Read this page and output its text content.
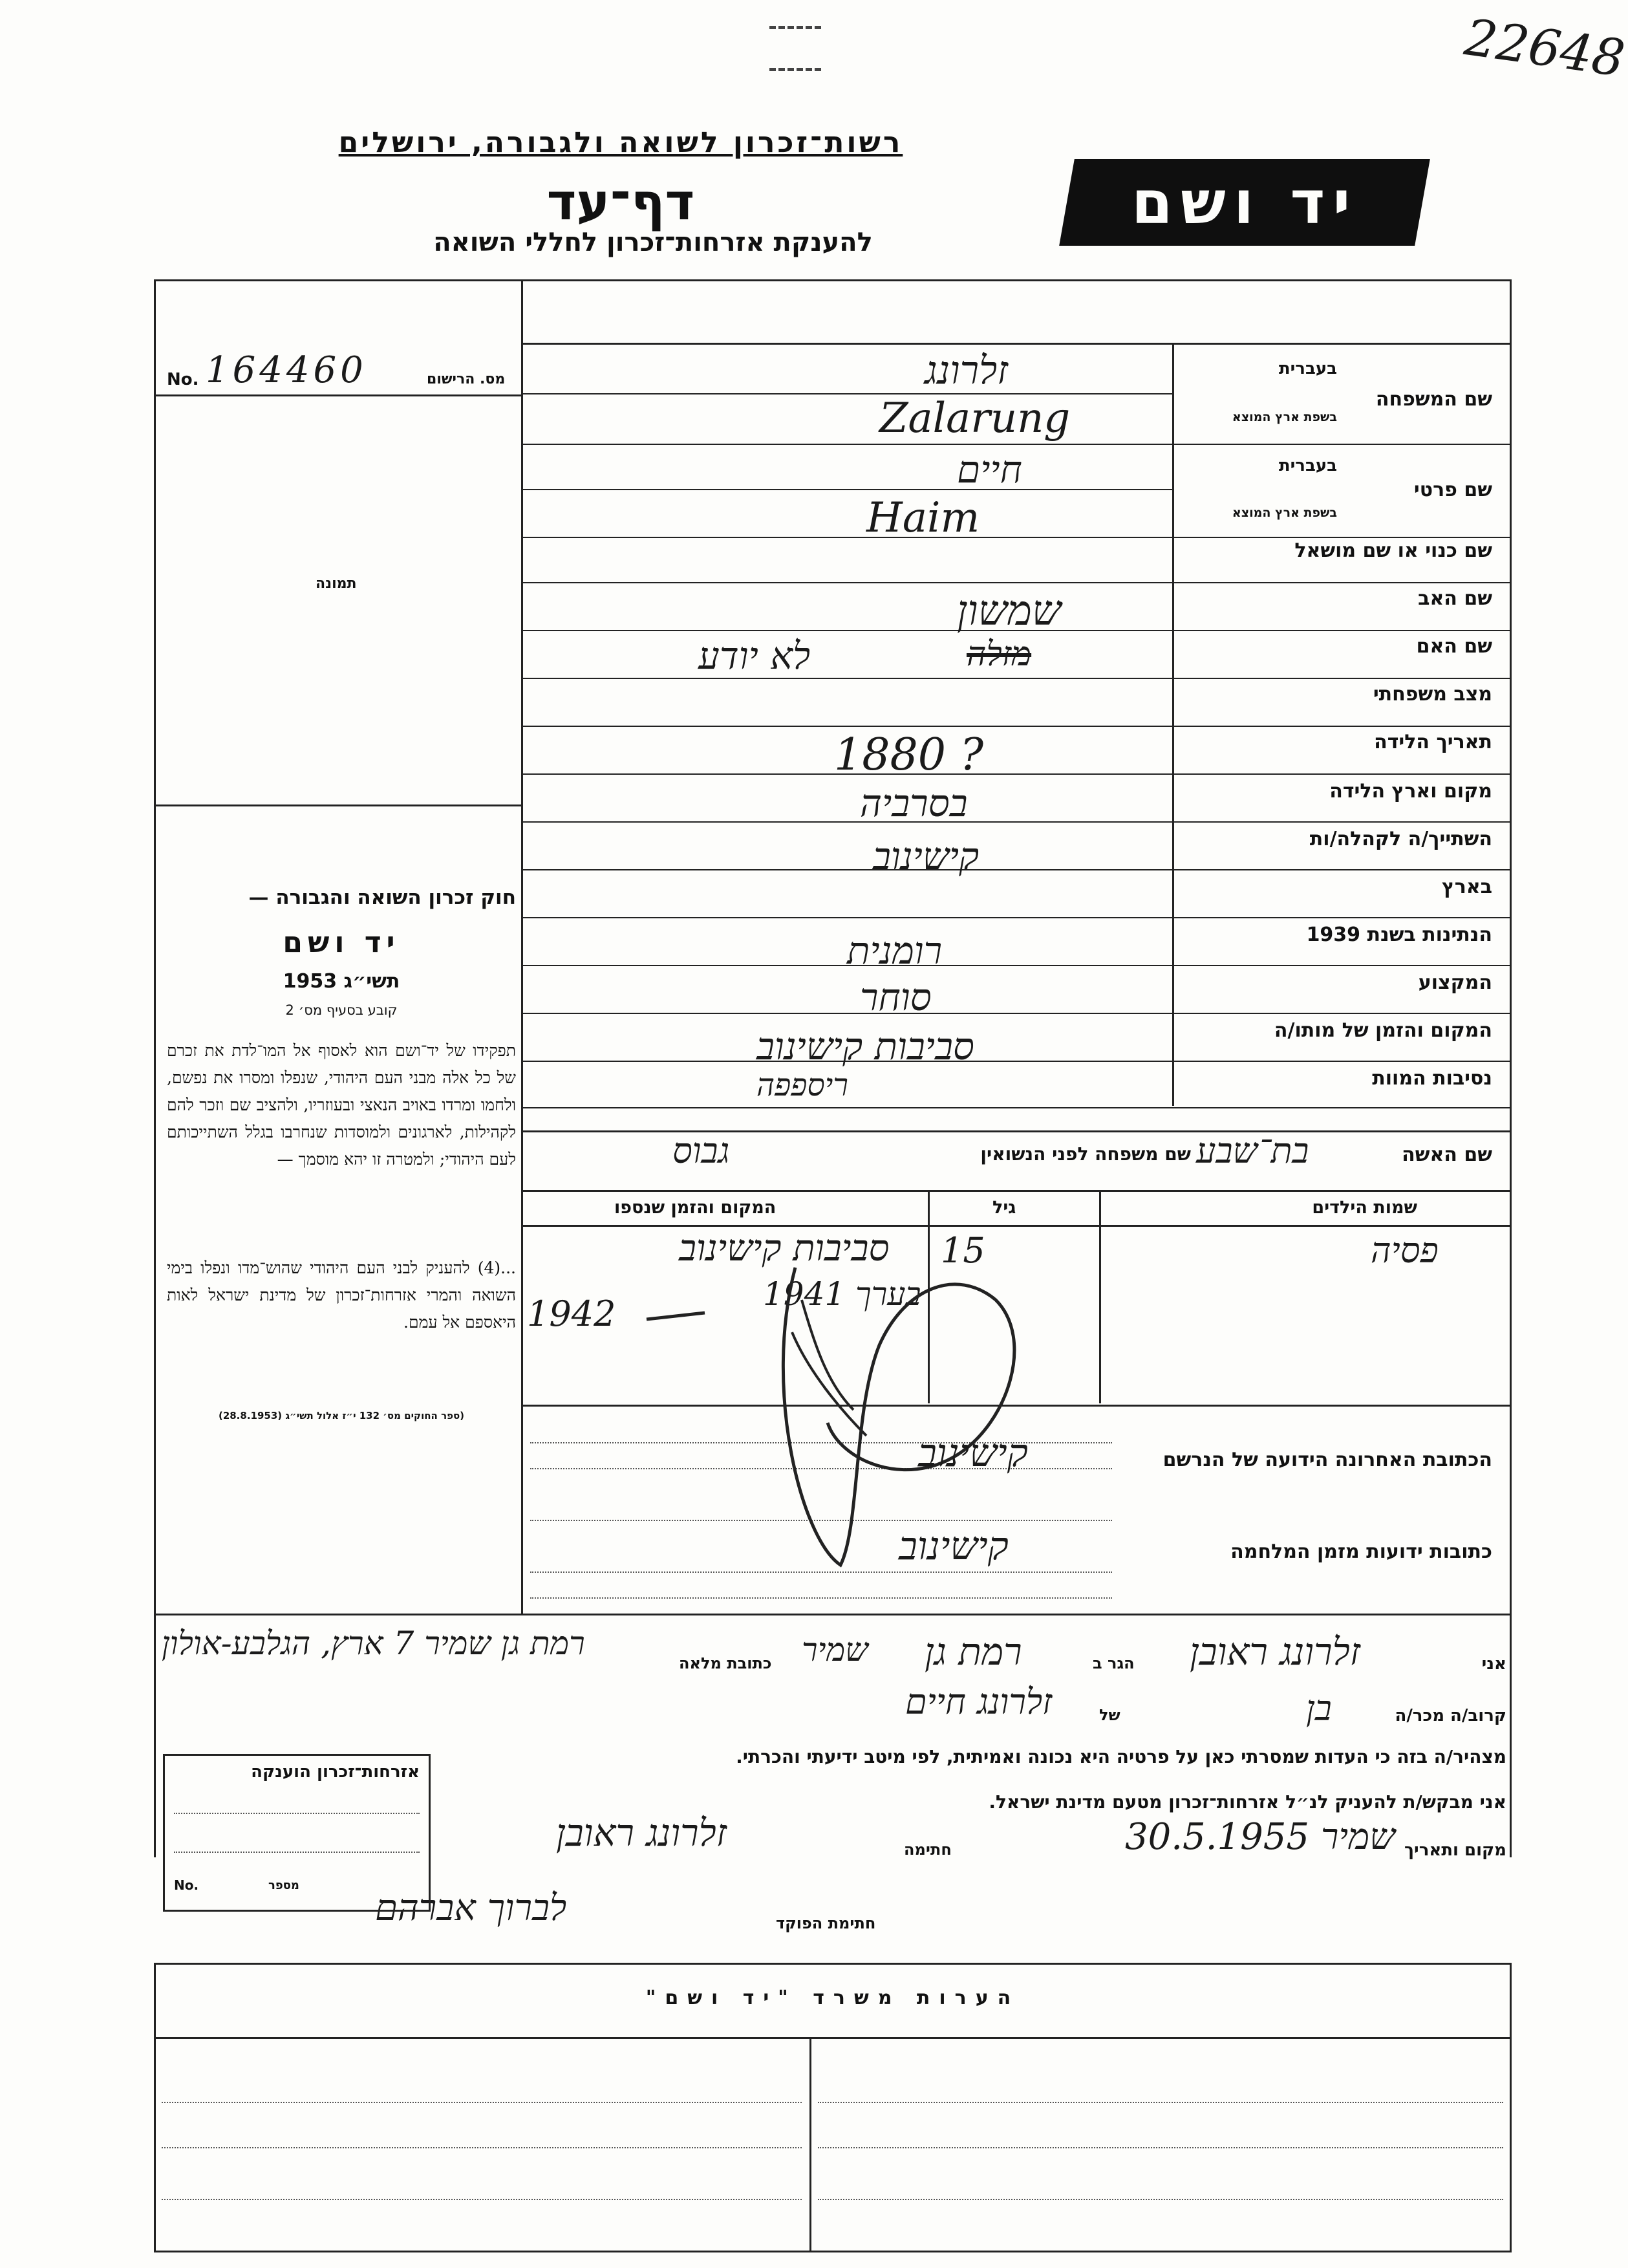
22648
רשות־זכרון לשואה ולגבורה, ירושלים
דף־עד
להענקת אזרחות־זכרון לחללי השואה
יד ושם
No. 164460	מס. הרישום
תמונה
חוק זכרון השואה והגבורה —
יד ושם
תשי״ג 1953
קובע בסעיף מס׳ 2
תפקידו של יד־ושם הוא לאסוף אל המו־לדת את זכרם של כל אלה מבני העם היהודי, שנפלו ומסרו את נפשם, ולחמו ומרדו באויב הנאצי ובעוזריו, ולהציב שם וזכר להם לקהילות, לארגונים ולמוסדות שנחרבו בגלל השתייכותם לעם היהודי; ולמטרה זו יהא מוסמך —
...(4) להעניק לבני העם היהודי שהוש־מדו ונפלו בימי השואה והמרי אזרחות־זכרון של מדינת ישראל לאות היאספם אל עמם.
(ספר החוקים מס׳ 132 י״ז אלול תשי״ג (28.8.1953)
שם המשפחה
בעברית
בשפת ארץ המוצא
שם פרטי
בעברית
בשפת ארץ המוצא
שם כנוי או שם מושאל
שם האב
שם האם
מצב משפחתי
תאריך הלידה
מקום וארץ הלידה
השתייך/ה לקהלה/ות
בארץ
הנתינות בשנת 1939
המקצוע
המקום והזמן של מותו/ה
נסיבות המוות
זלרונג
Zalarung
חיים
Haim
שמשון
מזלה
לא יודע
1880 ?
בסרביה
קישינוב
רומנית
סוחר
סביבות קישינוב
ריספפה
שם האשה
בת־שבע
שם משפחה לפני הנשואין
גבוס
שמות הילדים
גיל
המקום והזמן שנספו
פסיה
15
סביבות קישינוב
בערך 1941
1942
הכתובת האחרונה הידועה של הנרשם
קישינוב
כתובות ידועות מזמן המלחמה
קישינוב
אני
זלרונג ראובן
הגר ב
רמת גן
שמיר
כתובת מלאה
רמת גן שמיר 7 ארץ, הגלבע-אולון
קרוב/ה מכר/ה
בן
של
זלרונג חיים
מצהיר/ה בזה כי העדות שמסרתי כאן על פרטיה היא נכונה ואמיתית, לפי מיטב ידיעתי והכרתי.
אני מבקש/ת להעניק לנ״ל אזרחות־זכרון מטעם מדינת ישראל.
מקום ותאריך
שמיר 30.5.1955
חתימה
זלרונג ראובן
חתימת הפוקד
לברוך אברהם
אזרחות־זכרון הוענקה
No.	מספר
הערות משרד "יד ושם"
